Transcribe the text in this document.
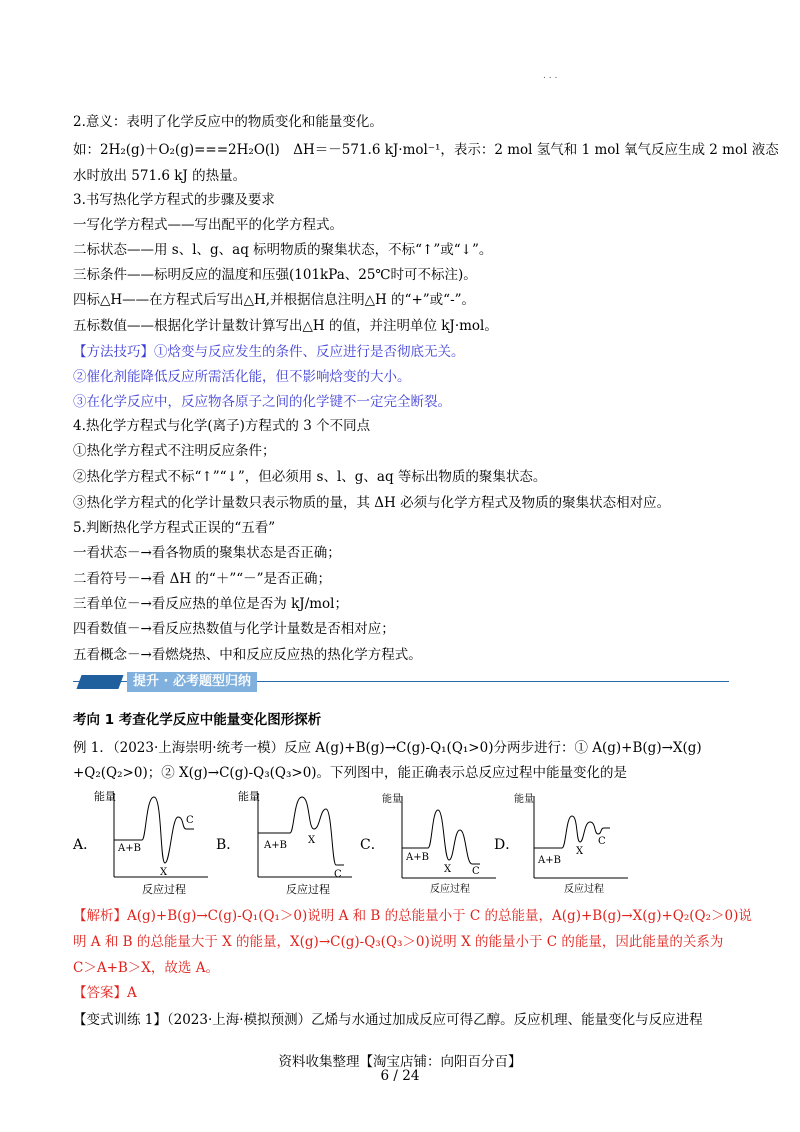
. . .
2.意义：表明了化学反应中的物质变化和能量变化。
如：2H₂(g)＋O₂(g)===2H₂O(l)　ΔH＝－571.6 kJ·mol⁻¹，表示：2 mol 氢气和 1 mol 氧气反应生成 2 mol 液态
水时放出 571.6 kJ 的热量。
3.书写热化学方程式的步骤及要求
一写化学方程式——写出配平的化学方程式。
二标状态——用 s、l、g、aq 标明物质的聚集状态，不标“↑”或“↓”。
三标条件——标明反应的温度和压强(101kPa、25℃时可不标注)。
四标△H——在方程式后写出△H,并根据信息注明△H 的“+”或“-”。
五标数值——根据化学计量数计算写出△H 的值，并注明单位 kJ·mol。
【方法技巧】①焓变与反应发生的条件、反应进行是否彻底无关。
②催化剂能降低反应所需活化能，但不影响焓变的大小。
③在化学反应中，反应物各原子之间的化学键不一定完全断裂。
4.热化学方程式与化学(离子)方程式的 3 个不同点
①热化学方程式不注明反应条件；
②热化学方程式不标“↑”“↓”，但必须用 s、l、g、aq 等标出物质的聚集状态。
③热化学方程式的化学计量数只表示物质的量，其 ΔH 必须与化学方程式及物质的聚集状态相对应。
5.判断热化学方程式正误的“五看”
一看状态－→看各物质的聚集状态是否正确；
二看符号－→看 ΔH 的“＋”“－”是否正确；
三看单位－→看反应热的单位是否为 kJ/mol；
四看数值－→看反应热数值与化学计量数是否相对应；
五看概念－→看燃烧热、中和反应反应热的热化学方程式。
提升 · 必考题型归纳
考向 1 考查化学反应中能量变化图形探析
例 1．（2023·上海崇明·统考一模）反应 A(g)+B(g)→C(g)-Q₁(Q₁>0)分两步进行：① A(g)+B(g)→X(g)
+Q₂(Q₂>0)；② X(g)→C(g)-Q₃(Q₃>0)。下列图中，能正确表示总反应过程中能量变化的是
A．
能量
A+B
X
C
反应过程
B．
能量
A+B X
C
反应过程
C．
能量
A+B
X C
反应过程
D．
能量
A+B
X
C
反应过程
【解析】A(g)+B(g)→C(g)-Q₁(Q₁＞0)说明 A 和 B 的总能量小于 C 的总能量，A(g)+B(g)→X(g)+Q₂(Q₂＞0)说
明 A 和 B 的总能量大于 X 的能量，X(g)→C(g)-Q₃(Q₃＞0)说明 X 的能量小于 C 的能量，因此能量的关系为
C＞A+B＞X，故选 A。
【答案】A
【变式训练 1】（2023·上海·模拟预测）乙烯与水通过加成反应可得乙醇。反应机理、能量变化与反应进程
资料收集整理【淘宝店铺：向阳百分百】
6 / 24
